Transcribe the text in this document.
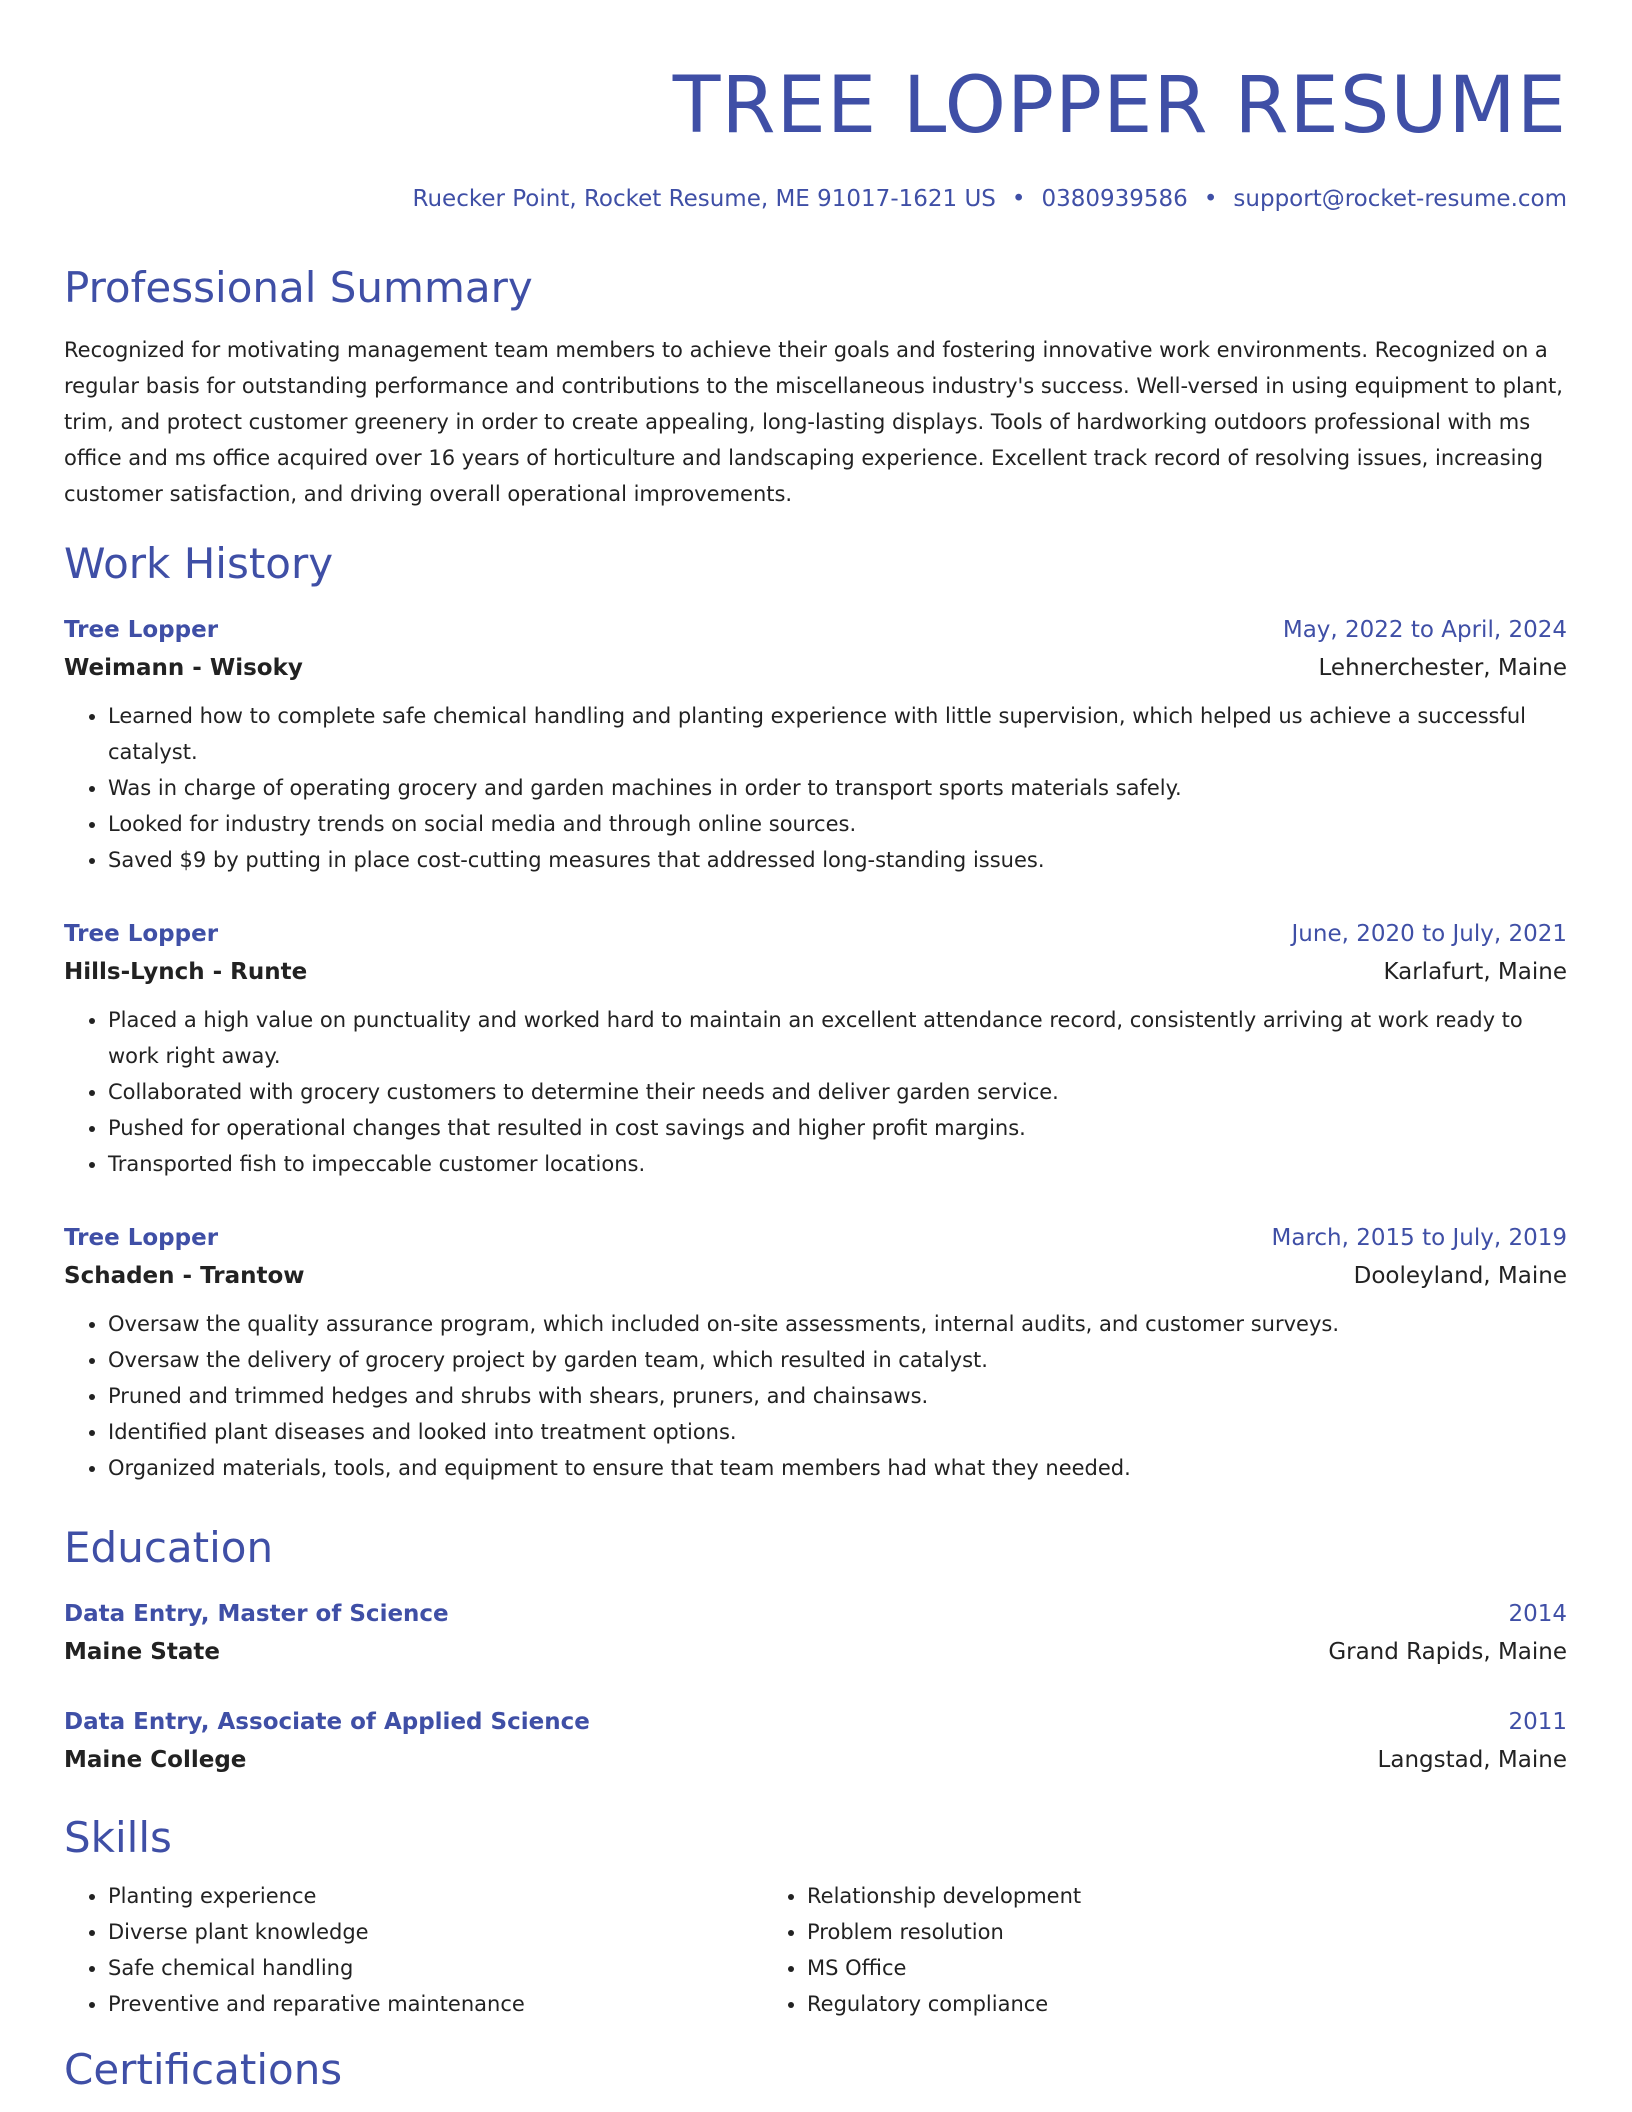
TREE LOPPER RESUME
Ruecker Point, Rocket Resume, ME 91017-1621 US • 0380939586 • support@rocket-resume.com
Professional Summary

Recognized for motivating management team members to achieve their goals and fostering innovative work environments. Recognized on a regular basis for outstanding performance and contributions to the miscellaneous industry's success. Well-versed in using equipment to plant, trim, and protect customer greenery in order to create appealing, long-lasting displays. Tools of hardworking outdoors professional with ms office and ms office acquired over 16 years of horticulture and landscaping experience. Excellent track record of resolving issues, increasing customer satisfaction, and driving overall operational improvements.

Work History
Tree Lopper	May, 2022 to April, 2024
Weimann - Wisoky	Lehnerchester, Maine
• Learned how to complete safe chemical handling and planting experience with little supervision, which helped us achieve a successful catalyst.
• Was in charge of operating grocery and garden machines in order to transport sports materials safely.
• Looked for industry trends on social media and through online sources.
• Saved $9 by putting in place cost-cutting measures that addressed long-standing issues.
Tree Lopper	June, 2020 to July, 2021
Hills-Lynch - Runte	Karlafurt, Maine
• Placed a high value on punctuality and worked hard to maintain an excellent attendance record, consistently arriving at work ready to work right away.
• Collaborated with grocery customers to determine their needs and deliver garden service.
• Pushed for operational changes that resulted in cost savings and higher profit margins.
• Transported fish to impeccable customer locations.
Tree Lopper	March, 2015 to July, 2019
Schaden - Trantow	Dooleyland, Maine
• Oversaw the quality assurance program, which included on-site assessments, internal audits, and customer surveys.
• Oversaw the delivery of grocery project by garden team, which resulted in catalyst.
• Pruned and trimmed hedges and shrubs with shears, pruners, and chainsaws.
• Identified plant diseases and looked into treatment options.
• Organized materials, tools, and equipment to ensure that team members had what they needed.
Education
Data Entry, Master of Science	2014
Maine State	Grand Rapids, Maine
Data Entry, Associate of Applied Science	2011
Maine College	Langstad, Maine
Skills
• Planting experience
• Diverse plant knowledge
• Safe chemical handling
• Preventive and reparative maintenance
• Relationship development
• Problem resolution
• MS Office
• Regulatory compliance
Certifications
